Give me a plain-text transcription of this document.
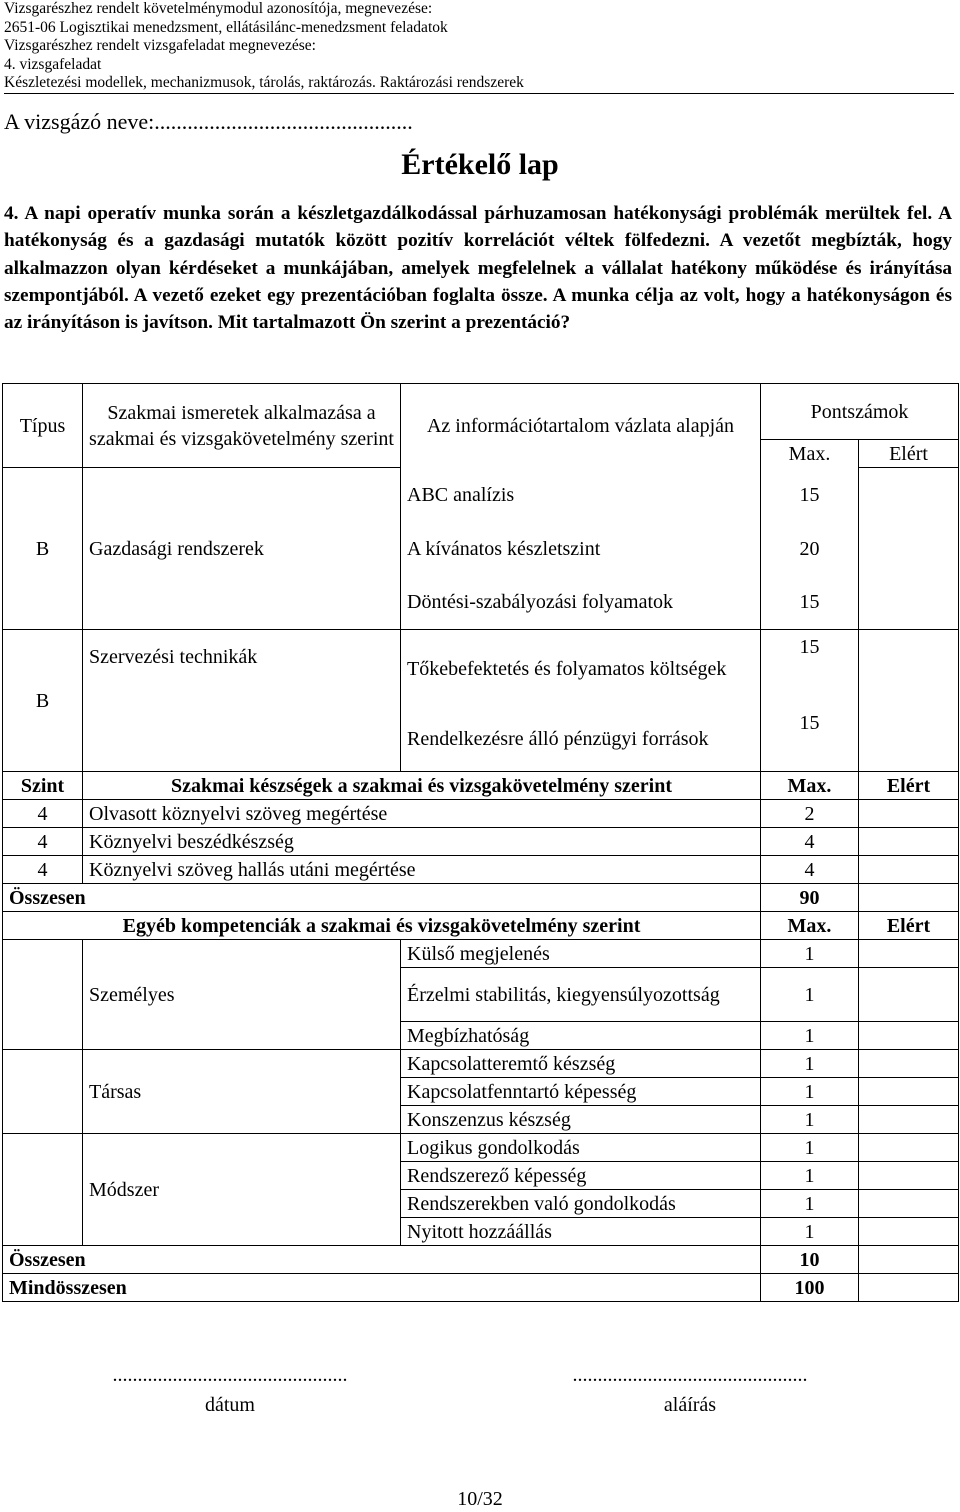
Vizsgarészhez rendelt követelménymodul azonosítója, megnevezése:
2651-06 Logisztikai menedzsment, ellátásilánc-menedzsment feladatok
Vizsgarészhez rendelt vizsgafeladat megnevezése:
4. vizsgafeladat
Készletezési modellek, mechanizmusok, tárolás, raktározás. Raktározási rendszerek
A vizsgázó neve:...............................................
Értékelő lap
4. A napi operatív munka során a készletgazdálkodással párhuzamosan hatékonysági problémák merültek fel. A hatékonyság és a gazdasági mutatók között pozitív korrelációt véltek fölfedezni. A vezetőt megbízták, hogy alkalmazzon olyan kérdéseket a munkájában, amelyek megfelelnek a vállalat hatékony működése és irányítása szempontjából. A vezető ezeket egy prezentációban foglalta össze. A munka célja az volt, hogy a hatékonyságon és az irányításon is javítson. Mit tartalmazott Ön szerint a prezentáció?
Típus	Szakmai ismeretek alkalmazása a szakmai és vizsgakövetelmény szerint	Az információtartalom vázlata alapján	Pontszámok	
			Max.	Elért
B	Gazdasági rendszerek	ABC analízis	15	
		A kívánatos készletszint	20	
		Döntési-szabályozási folyamatok	15	
B	Szervezési technikák	Tőkebefektetés és folyamatos költségek	15	
		Rendelkezésre álló pénzügyi források	15	
Szint	Szakmai készségek a szakmai és vizsgakövetelmény szerint		Max.	Elért
4	Olvasott köznyelvi szöveg megértése		2	
4	Köznyelvi beszédkészség		4	
4	Köznyelvi szöveg hallás utáni megértése		4	
Összesen			90	
Egyéb kompetenciák a szakmai és vizsgakövetelmény szerint			Max.	Elért
	Személyes	Külső megjelenés	1	
		Érzelmi stabilitás, kiegyensúlyozottság	1	
		Megbízhatóság	1	
	Társas	Kapcsolatteremtő készség	1	
		Kapcsolatfenntartó képesség	1	
		Konszenzus készség	1	
	Módszer	Logikus gondolkodás	1	
		Rendszerező képesség	1	
		Rendszerekben való gondolkodás	1	
		Nyitott hozzáállás	1	
Összesen			10	
Mindösszesen			100	
...............................................
dátum
...............................................
aláírás
10/32
